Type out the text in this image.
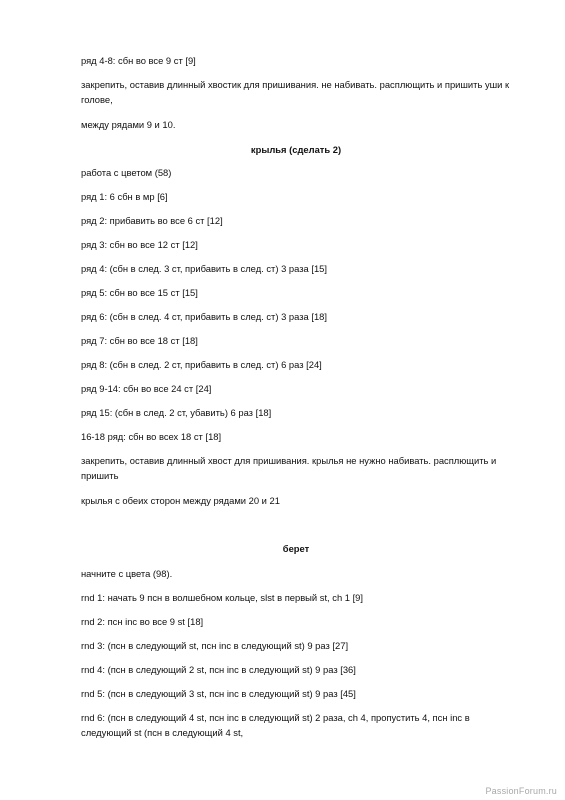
ряд 4-8: сбн во все 9 ст [9]
закрепить, оставив длинный хвостик для пришивания. не набивать. расплющить и пришить уши к голове,
между рядами 9 и 10.
крылья (сделать 2)
работа с цветом (58)
ряд 1: 6 сбн в мр [6]
ряд 2: прибавить во все 6 ст [12]
ряд 3: сбн во все 12 ст [12]
ряд 4: (сбн в след. 3 ст, прибавить в след. ст) 3 раза [15]
ряд 5: сбн во все 15 ст [15]
ряд 6: (сбн в след. 4 ст, прибавить в след. ст) 3 раза [18]
ряд 7: сбн во все 18 ст [18]
ряд 8: (сбн в след. 2 ст, прибавить в след. ст) 6 раз [24]
ряд 9-14: сбн во все 24 ст [24]
ряд 15: (сбн в след. 2 ст, убавить) 6 раз [18]
16-18 ряд: сбн во всех 18 ст [18]
закрепить, оставив длинный хвост для пришивания. крылья не нужно набивать. расплющить и пришить
крылья с обеих сторон между рядами 20 и 21
берет
начните с цвета (98).
rnd 1: начать 9 псн в волшебном кольце, slst в первый st, ch 1 [9]
rnd 2: псн inc во все 9 st [18]
rnd 3: (псн в следующий st, псн inc в следующий st) 9 раз [27]
rnd 4: (псн в следующий 2 st, псн inc в следующий st) 9 раз [36]
rnd 5: (псн в следующий 3 st, псн inc в следующий st) 9 раз [45]
rnd 6: (псн в следующий 4 st, псн inc в следующий st) 2 раза, ch 4, пропустить 4, псн inc в следующий st (псн в следующий 4 st,
PassionForum.ru
